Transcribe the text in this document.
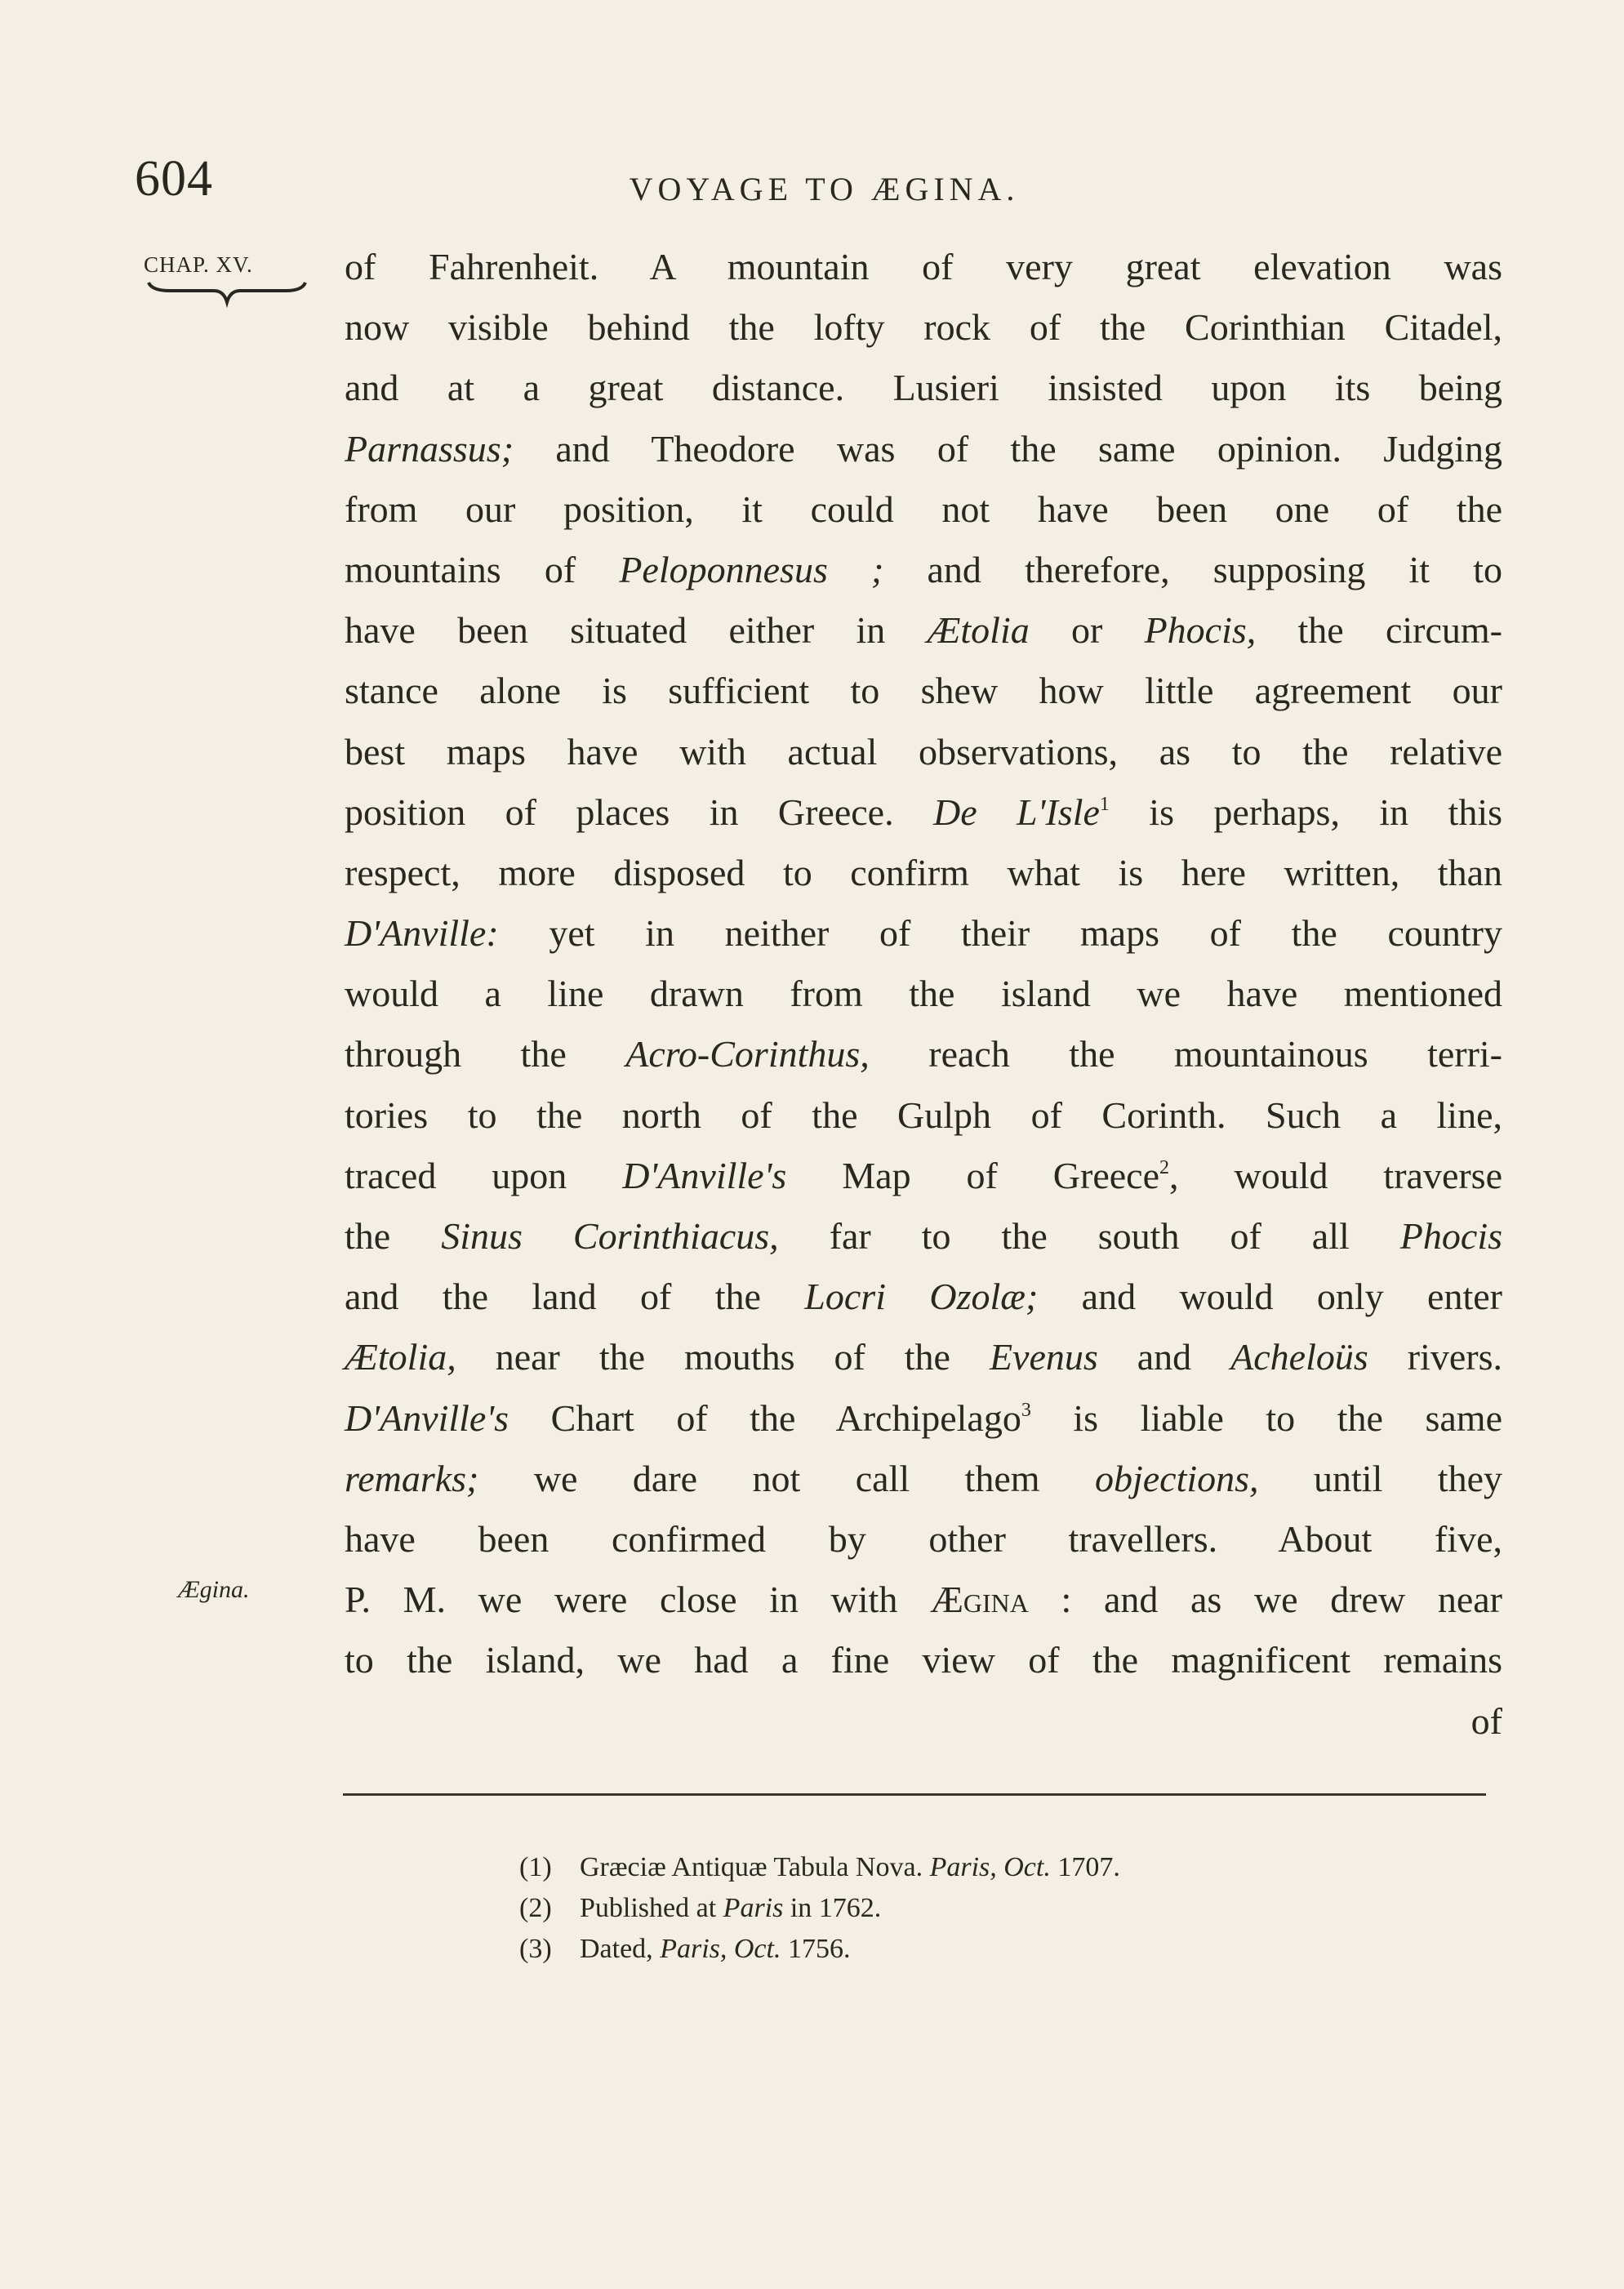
604	VOYAGE TO ÆGINA.
CHAP. XV.
Ægina.
of Fahrenheit. A mountain of very great elevation was
now visible behind the lofty rock of the Corinthian Citadel,
and at a great distance. Lusieri insisted upon its being
Parnassus; and Theodore was of the same opinion. Judging
from our position, it could not have been one of the
mountains of Peloponnesus ; and therefore, supposing it to
have been situated either in Ætolia or Phocis, the circum-
stance alone is sufficient to shew how little agreement our
best maps have with actual observations, as to the relative
position of places in Greece. De L'Isle$^1$ is perhaps, in this
respect, more disposed to confirm what is here written, than
D'Anville: yet in neither of their maps of the country
would a line drawn from the island we have mentioned
through the Acro-Corinthus, reach the mountainous terri-
tories to the north of the Gulph of Corinth. Such a line,
traced upon D'Anville's Map of Greece$^2$, would traverse
the Sinus Corinthiacus, far to the south of all Phocis
and the land of the Locri Ozolæ; and would only enter
Ætolia, near the mouths of the Evenus and Acheloüs rivers.
D'Anville's Chart of the Archipelago$^3$ is liable to the same
remarks; we dare not call them objections, until they
have been confirmed by other travellers. About five,
P. M. we were close in with Ægina : and as we drew near
to the island, we had a fine view of the magnificent remains
of
(1) Græciæ Antiquæ Tabula Nova. Paris, Oct. 1707.
(2) Published at Paris in 1762.
(3) Dated, Paris, Oct. 1756.
